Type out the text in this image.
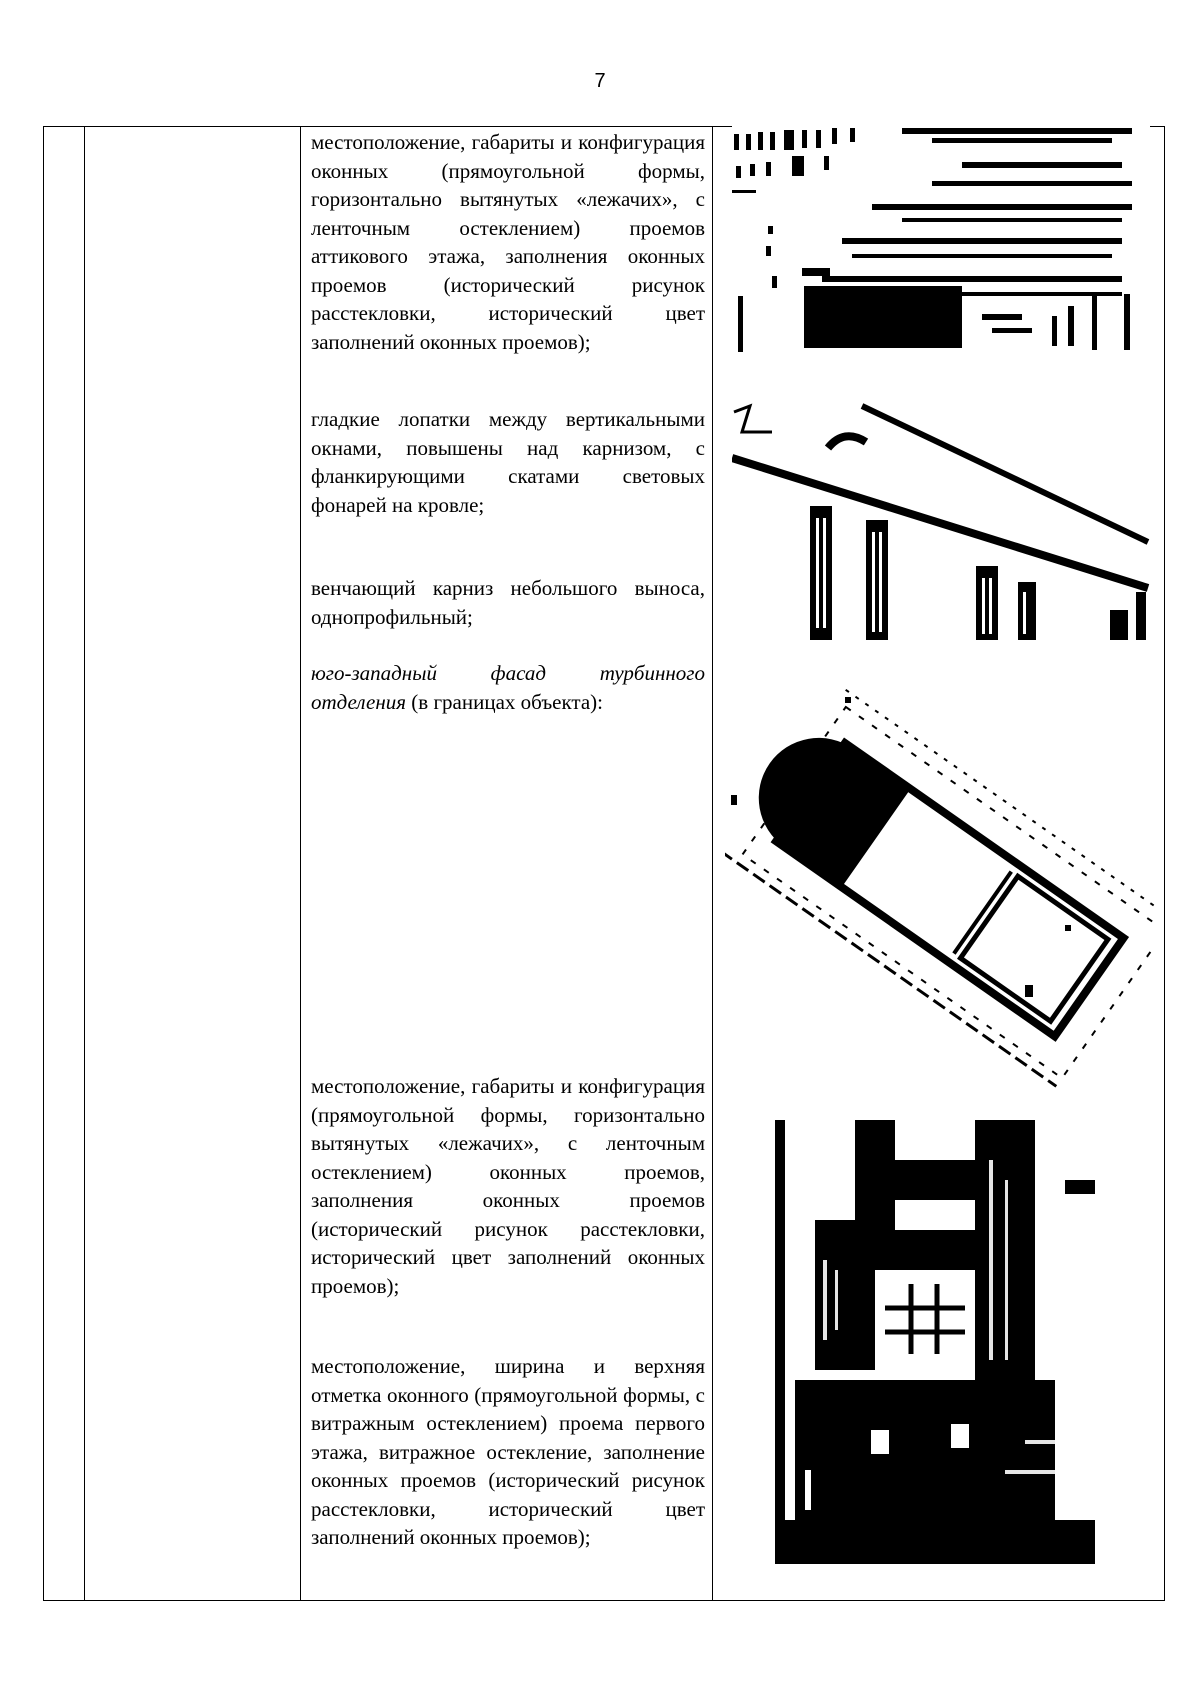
7
местоположение, габариты и конфигурация оконных (прямоугольной формы, горизонтально вытянутых «лежачих», с ленточным остеклением) проемов аттикового этажа, заполнения оконных проемов (исторический рисунок расстекловки, исторический цвет заполнений оконных проемов);
гладкие лопатки между вертикальными окнами, повышены над карнизом, с фланкирующими скатами световых фонарей на кровле;
венчающий карниз небольшого выноса, однопрофильный;
юго-западный фасад турбинного отделения (в границах объекта):
местоположение, габариты и конфигурация (прямоугольной формы, горизонтально вытянутых «лежачих», с ленточным остеклением) оконных проемов, заполнения оконных проемов (исторический рисунок расстекловки, исторический цвет заполнений оконных проемов);
местоположение, ширина и верхняя отметка оконного (прямоугольной формы, с витражным остеклением) проема первого этажа, витражное остекление, заполнение оконных проемов (исторический рисунок расстекловки, исторический цвет заполнений оконных проемов);
